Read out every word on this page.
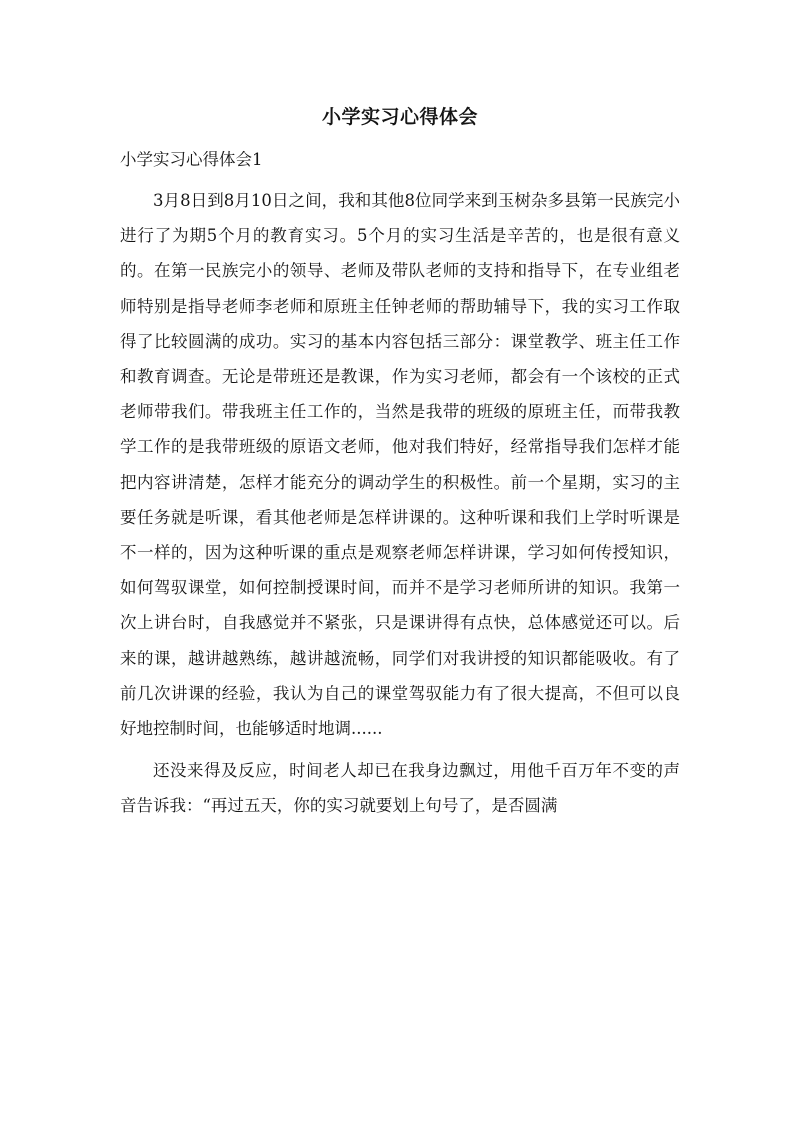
小学实习心得体会

小学实习心得体会1

3月8日到8月10日之间，我和其他8位同学来到玉树杂多县第一民族完小进行了为期5个月的教育实习。5个月的实习生活是辛苦的，也是很有意义的。在第一民族完小的领导、老师及带队老师的支持和指导下，在专业组老师特别是指导老师李老师和原班主任钟老师的帮助辅导下，我的实习工作取得了比较圆满的成功。实习的基本内容包括三部分：课堂教学、班主任工作和教育调查。无论是带班还是教课，作为实习老师，都会有一个该校的正式老师带我们。带我班主任工作的，当然是我带的班级的原班主任，而带我教学工作的是我带班级的原语文老师，他对我们特好，经常指导我们怎样才能把内容讲清楚，怎样才能充分的调动学生的积极性。前一个星期，实习的主要任务就是听课，看其他老师是怎样讲课的。这种听课和我们上学时听课是不一样的，因为这种听课的重点是观察老师怎样讲课，学习如何传授知识，如何驾驭课堂，如何控制授课时间，而并不是学习老师所讲的知识。我第一次上讲台时，自我感觉并不紧张，只是课讲得有点快，总体感觉还可以。后来的课，越讲越熟练，越讲越流畅，同学们对我讲授的知识都能吸收。有了前几次讲课的经验，我认为自己的课堂驾驭能力有了很大提高，不但可以良好地控制时间，也能够适时地调......

还没来得及反应，时间老人却已在我身边飘过，用他千百万年不变的声音告诉我：“再过五天，你的实习就要划上句号了，是否圆满
